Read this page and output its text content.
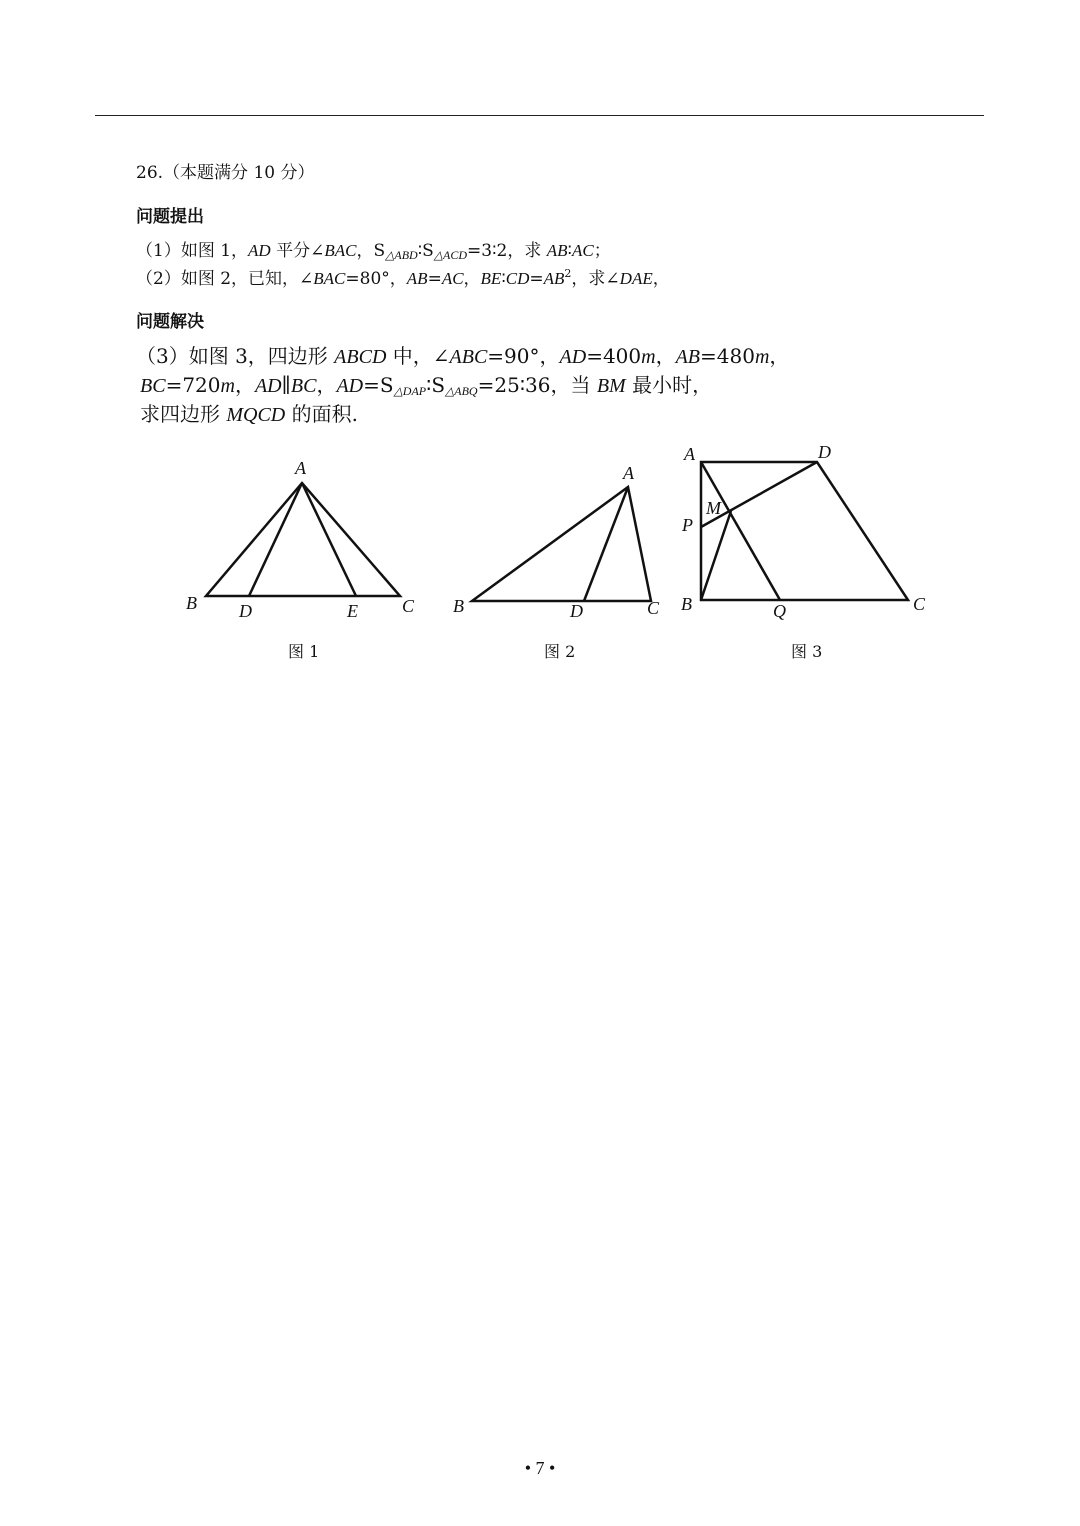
26.（本题满分 10 分）
问题提出
（1）如图 1，AD 平分∠BAC，$S_{\triangle ABD}∶S_{\triangle ACD}=3∶2$，求 AB∶AC；
（2）如图 2，已知，∠BAC=80°，AB=AC，$BE∶CD=AB^2$，求∠DAE，
问题解决
（3）如图 3，四边形 ABCD 中，∠ABC=90°，AD=400m，AB=480m，
BC=720m，AD∥BC，$AD=S_{\triangle DAP}∶S_{\triangle ABQ}=25∶36$，当 BM 最小时，
求四边形 MQCD 的面积.
A
B D	E C
图 1
A
B	D	C
图 2
A	D
M
P
B	Q	C
图 3
• 7 •
